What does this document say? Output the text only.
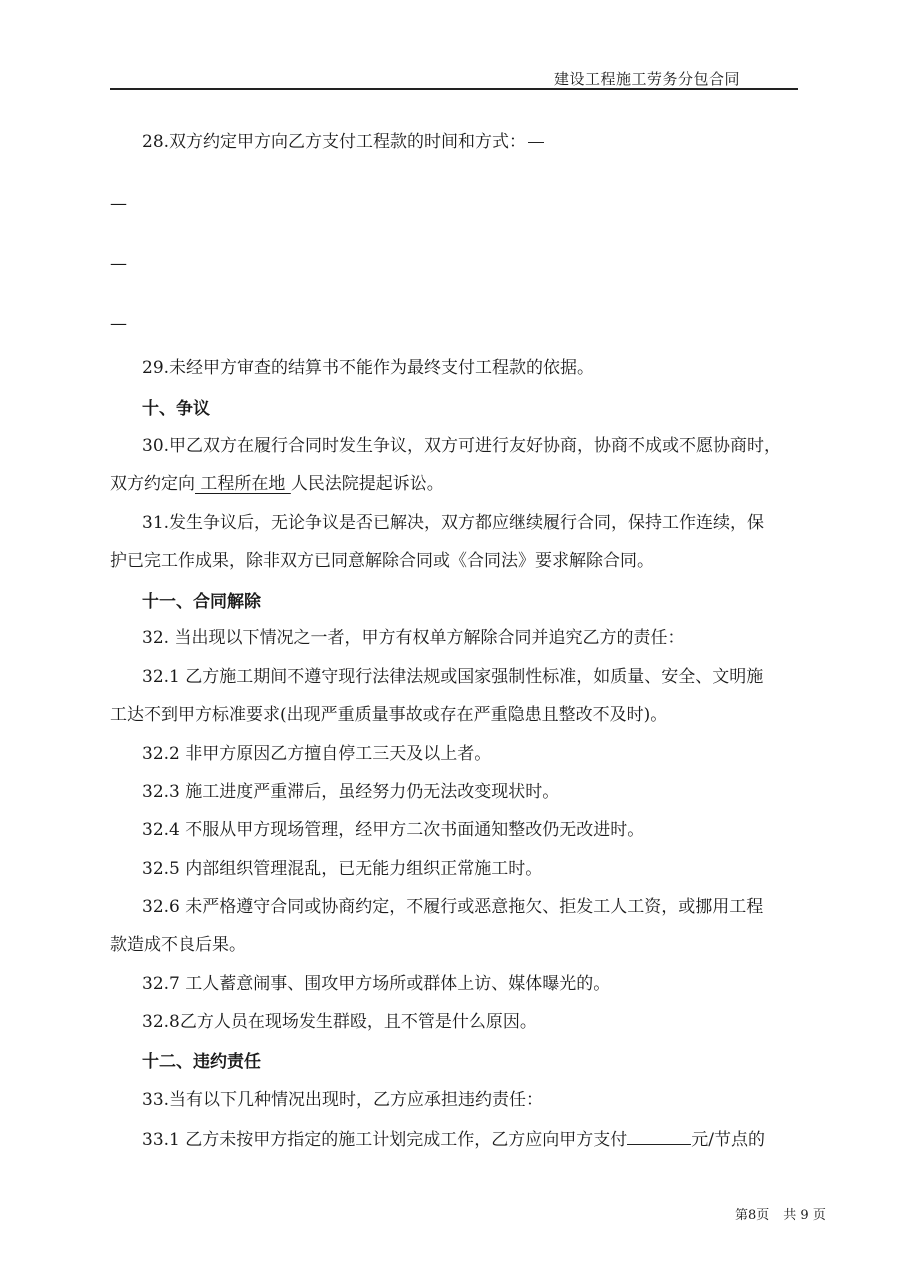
建设工程施工劳务分包合同
28.双方约定甲方向乙方支付工程款的时间和方式：
—
—
—
29.未经甲方审查的结算书不能作为最终支付工程款的依据。
十、争议
30.甲乙双方在履行合同时发生争议，双方可进行友好协商，协商不成或不愿协商时，
双方约定向 工程所在地 人民法院提起诉讼。
31.发生争议后，无论争议是否已解决，双方都应继续履行合同，保持工作连续，保
护已完工作成果，除非双方已同意解除合同或《合同法》要求解除合同。
十一、合同解除
32. 当出现以下情况之一者，甲方有权单方解除合同并追究乙方的责任：
32.1 乙方施工期间不遵守现行法律法规或国家强制性标准，如质量、安全、文明施
工达不到甲方标准要求(出现严重质量事故或存在严重隐患且整改不及时)。
32.2 非甲方原因乙方擅自停工三天及以上者。
32.3 施工进度严重滞后，虽经努力仍无法改变现状时。
32.4 不服从甲方现场管理，经甲方二次书面通知整改仍无改进时。
32.5 内部组织管理混乱，已无能力组织正常施工时。
32.6 未严格遵守合同或协商约定，不履行或恶意拖欠、拒发工人工资，或挪用工程
款造成不良后果。
32.7 工人蓄意闹事、围攻甲方场所或群体上访、媒体曝光的。
32.8乙方人员在现场发生群殴，且不管是什么原因。
十二、违约责任
33.当有以下几种情况出现时，乙方应承担违约责任：
33.1 乙方未按甲方指定的施工计划完成工作，乙方应向甲方支付	元/节点的
第8页 共 9 页
